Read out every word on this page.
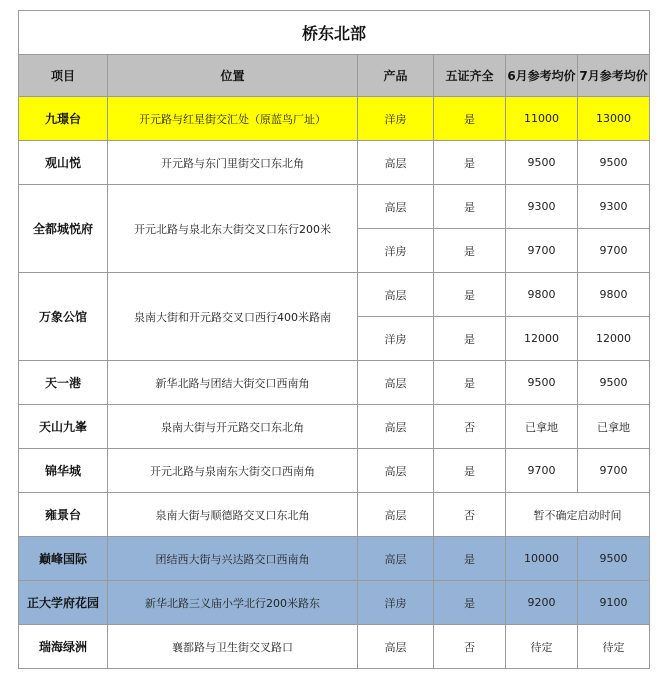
桥东北部					
项目	位置	产品	五证齐全	6月参考均价	7月参考均价
九璟台	开元路与红星街交汇处（原蓝鸟厂址）	洋房	是	11000	13000
观山悦	开元路与东门里街交口东北角	高层	是	9500	9500
全都城悦府	开元北路与泉北东大街交叉口东行200米	高层	是	9300	9300
		洋房	是	9700	9700
万象公馆	泉南大街和开元路交叉口西行400米路南	高层	是	9800	9800
		洋房	是	12000	12000
天一港	新华北路与团结大街交口西南角	高层	是	9500	9500
天山九峯	泉南大街与开元路交口东北角	高层	否	已拿地	已拿地
锦华城	开元北路与泉南东大街交口西南角	高层	是	9700	9700
雍景台	泉南大街与顺德路交叉口东北角	高层	否	暂不确定启动时间	
巅峰国际	团结西大街与兴达路交口西南角	高层	是	10000	9500
正大学府花园	新华北路三义庙小学北行200米路东	洋房	是	9200	9100
瑞海绿洲	襄都路与卫生街交叉路口	高层	否	待定	待定
